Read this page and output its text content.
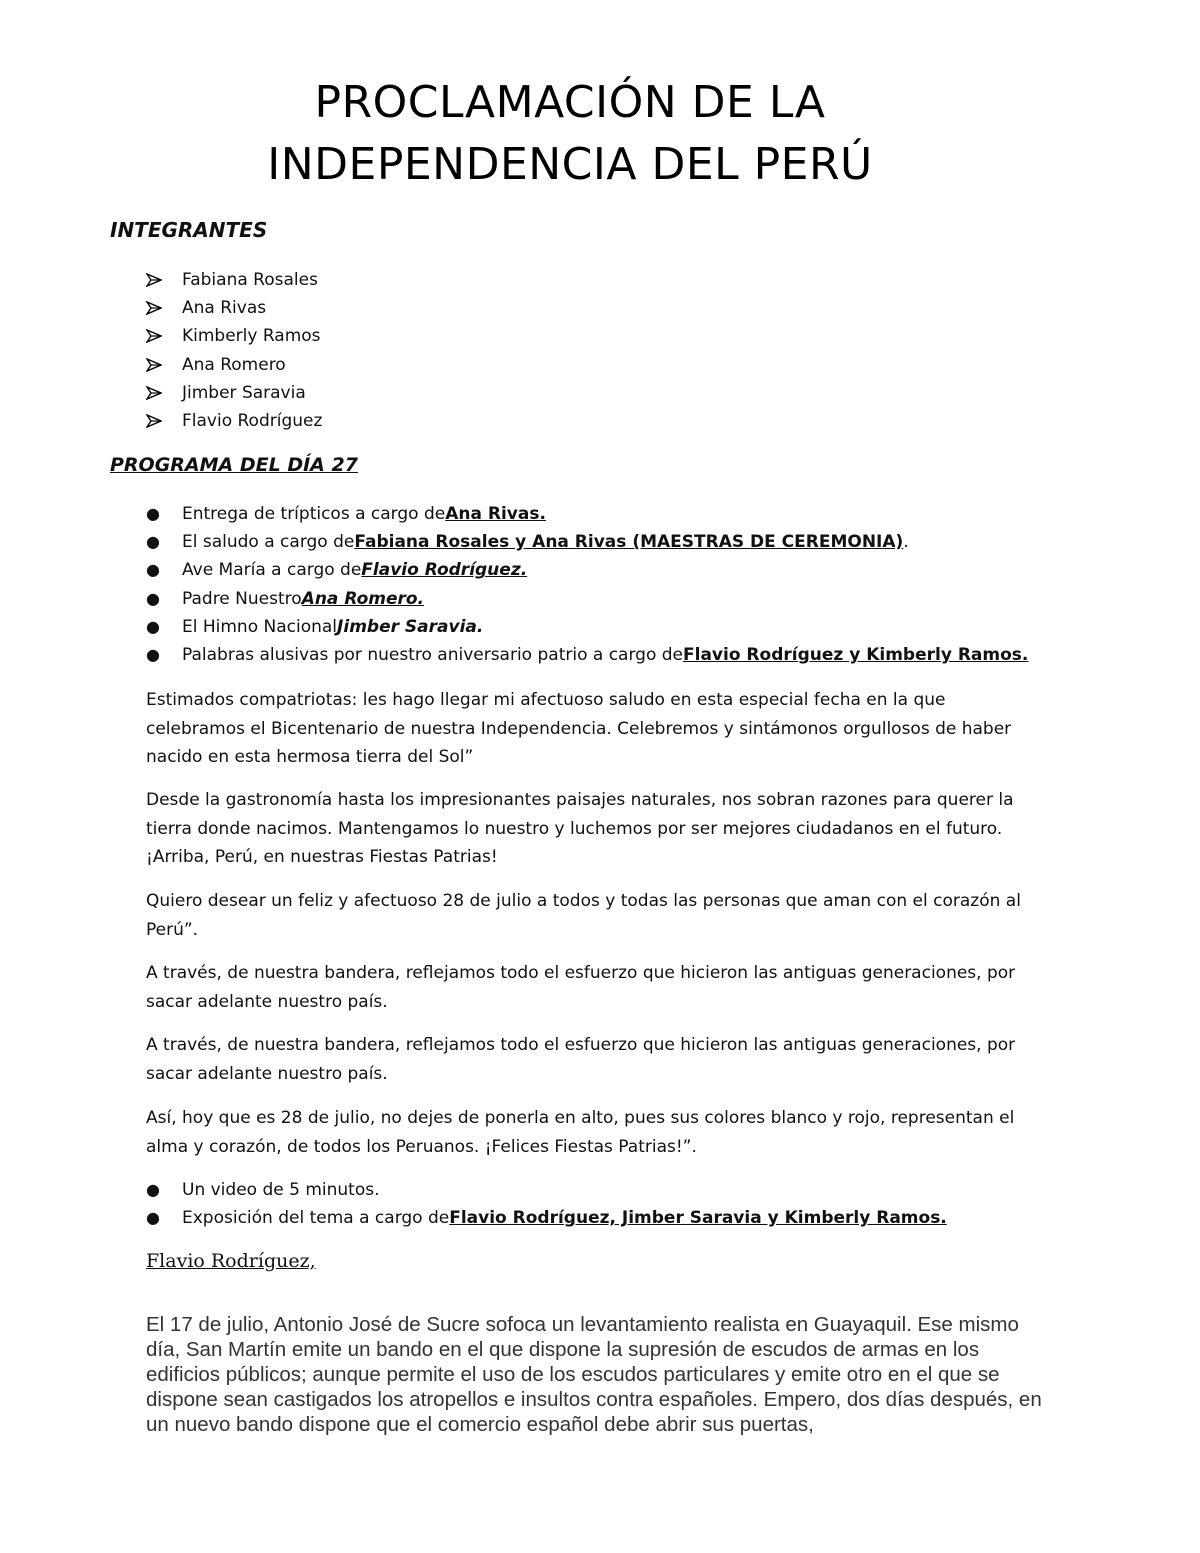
PROCLAMACIÓN DE LA
INDEPENDENCIA DEL PERÚ
INTEGRANTES
Fabiana Rosales
Ana Rivas
Kimberly Ramos
Ana Romero
Jimber Saravia
Flavio Rodríguez
PROGRAMA DEL DÍA 27
●	Entrega de trípticos a cargo de Ana Rivas.
●	El saludo a cargo de Fabiana Rosales y Ana Rivas (MAESTRAS DE CEREMONIA) .
●	Ave María a cargo de Flavio Rodríguez.
●	Padre Nuestro Ana Romero.
●	El Himno Nacional Jimber Saravia.
●	Palabras alusivas por nuestro aniversario patrio a cargo de Flavio Rodríguez y Kimberly Ramos.

Estimados compatriotas: les hago llegar mi afectuoso saludo en esta especial fecha en la que celebramos el Bicentenario de nuestra Independencia. Celebremos y sintámonos orgullosos de haber nacido en esta hermosa tierra del Sol”

Desde la gastronomía hasta los impresionantes paisajes naturales, nos sobran razones para querer la tierra donde nacimos. Mantengamos lo nuestro y luchemos por ser mejores ciudadanos en el futuro. ¡Arriba, Perú, en nuestras Fiestas Patrias!

Quiero desear un feliz y afectuoso 28 de julio a todos y todas las personas que aman con el corazón al Perú”.

A través, de nuestra bandera, reflejamos todo el esfuerzo que hicieron las antiguas generaciones, por sacar adelante nuestro país.

A través, de nuestra bandera, reflejamos todo el esfuerzo que hicieron las antiguas generaciones, por sacar adelante nuestro país.

Así, hoy que es 28 de julio, no dejes de ponerla en alto, pues sus colores blanco y rojo, representan el alma y corazón, de todos los Peruanos. ¡Felices Fiestas Patrias!”.

●	Un video de 5 minutos.
●	Exposición del tema a cargo de Flavio Rodríguez, Jimber Saravia y Kimberly Ramos.
Flavio Rodríguez,

El 17 de julio, Antonio José de Sucre sofoca un levantamiento realista en Guayaquil. Ese mismo día, San Martín emite un bando en el que dispone la supresión de escudos de armas en los edificios públicos; aunque permite el uso de los escudos particulares y emite otro en el que se dispone sean castigados los atropellos e insultos contra españoles. Empero, dos días después, en un nuevo bando dispone que el comercio español debe abrir sus puertas,
